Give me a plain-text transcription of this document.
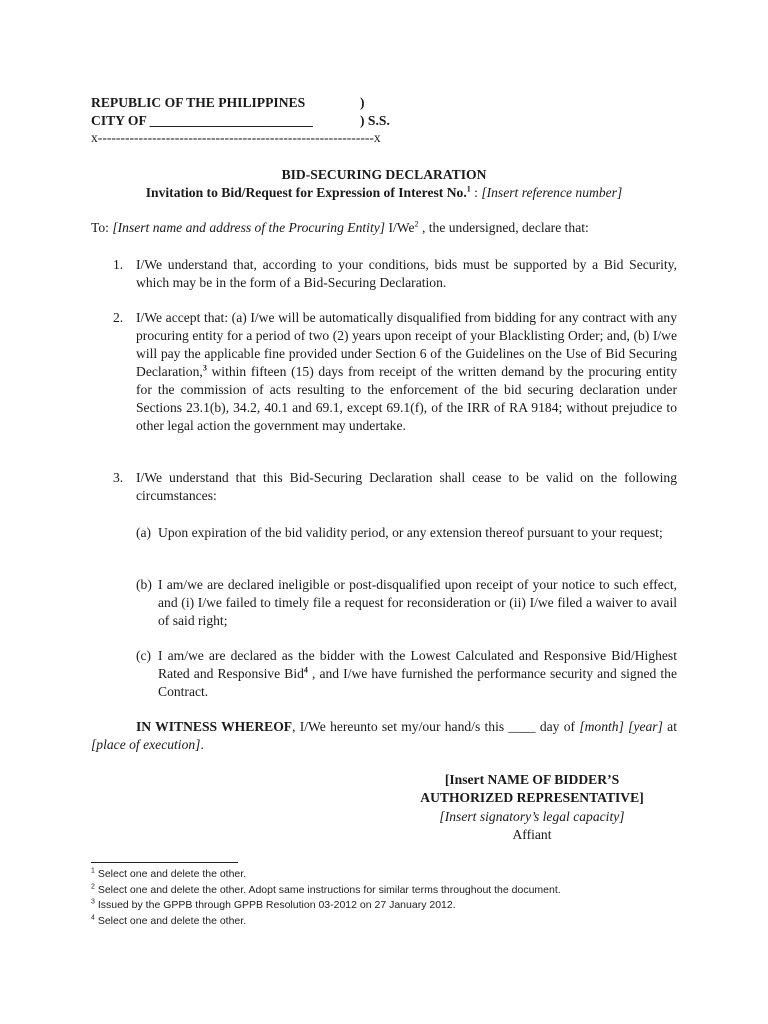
REPUBLIC OF THE PHILIPPINES	)
CITY OF ________________________	) S.S.
x-------------------------------------------------------------x
BID-SECURING DECLARATION
Invitation to Bid/Request for Expression of Interest No.$^1$ : [Insert reference number]
To: [Insert name and address of the Procuring Entity] I/We$^2$ , the undersigned, declare that:
1. I/We understand that, according to your conditions, bids must be supported by a Bid Security, which may be in the form of a Bid-Securing Declaration.
2. I/We accept that: (a) I/we will be automatically disqualified from bidding for any contract with any procuring entity for a period of two (2) years upon receipt of your Blacklisting Order; and, (b) I/we will pay the applicable fine provided under Section 6 of the Guidelines on the Use of Bid Securing Declaration,$^3$ within fifteen (15) days from receipt of the written demand by the procuring entity for the commission of acts resulting to the enforcement of the bid securing declaration under Sections 23.1(b), 34.2, 40.1 and 69.1, except 69.1(f), of the IRR of RA 9184; without prejudice to other legal action the government may undertake.
3. I/We understand that this Bid-Securing Declaration shall cease to be valid on the following circumstances:
(a) Upon expiration of the bid validity period, or any extension thereof pursuant to your request;
(b) I am/we are declared ineligible or post-disqualified upon receipt of your notice to such effect, and (i) I/we failed to timely file a request for reconsideration or (ii) I/we filed a waiver to avail of said right;
(c) I am/we are declared as the bidder with the Lowest Calculated and Responsive Bid/Highest Rated and Responsive Bid$^4$ , and I/we have furnished the performance security and signed the Contract.
IN WITNESS WHEREOF, I/We hereunto set my/our hand/s this ____ day of [month] [year] at [place of execution].
[Insert NAME OF BIDDER’S
AUTHORIZED REPRESENTATIVE]
[Insert signatory’s legal capacity]
Affiant
$^1$ Select one and delete the other.
$^2$ Select one and delete the other. Adopt same instructions for similar terms throughout the document.
$^3$ Issued by the GPPB through GPPB Resolution 03-2012 on 27 January 2012.
$^4$ Select one and delete the other.
